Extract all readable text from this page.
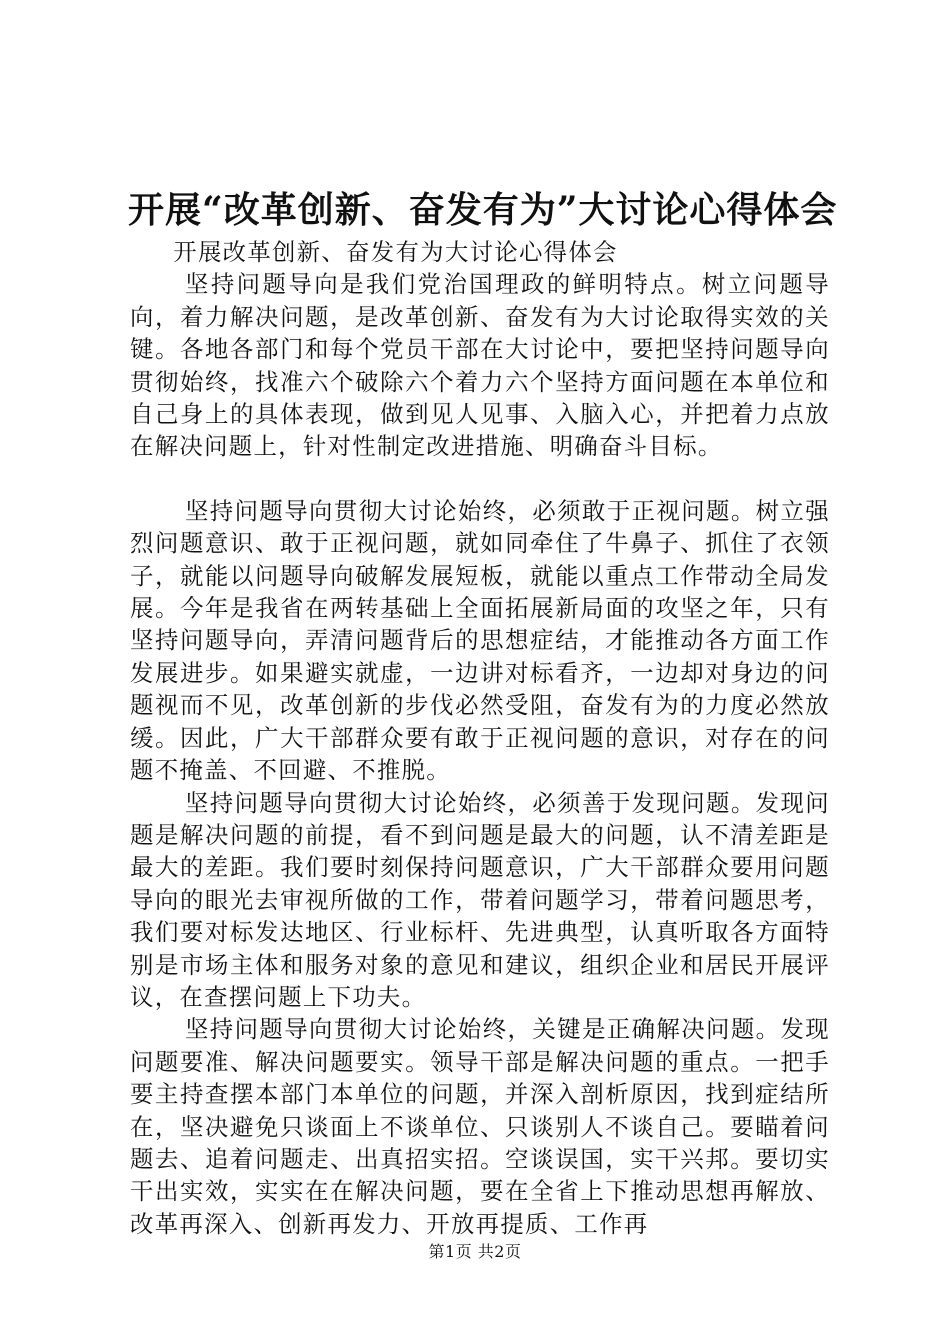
开展“改革创新、奋发有为”大讨论心得体会

开展改革创新、奋发有为大讨论心得体会

坚持问题导向是我们党治国理政的鲜明特点。树立问题导向，着力解决问题，是改革创新、奋发有为大讨论取得实效的关键。各地各部门和每个党员干部在大讨论中，要把坚持问题导向贯彻始终，找准六个破除六个着力六个坚持方面问题在本单位和自己身上的具体表现，做到见人见事、入脑入心，并把着力点放在解决问题上，针对性制定改进措施、明确奋斗目标。

坚持问题导向贯彻大讨论始终，必须敢于正视问题。树立强烈问题意识、敢于正视问题，就如同牵住了牛鼻子、抓住了衣领子，就能以问题导向破解发展短板，就能以重点工作带动全局发展。今年是我省在两转基础上全面拓展新局面的攻坚之年，只有坚持问题导向，弄清问题背后的思想症结，才能推动各方面工作发展进步。如果避实就虚，一边讲对标看齐，一边却对身边的问题视而不见，改革创新的步伐必然受阻，奋发有为的力度必然放缓。因此，广大干部群众要有敢于正视问题的意识，对存在的问题不掩盖、不回避、不推脱。

坚持问题导向贯彻大讨论始终，必须善于发现问题。发现问题是解决问题的前提，看不到问题是最大的问题，认不清差距是最大的差距。我们要时刻保持问题意识，广大干部群众要用问题导向的眼光去审视所做的工作，带着问题学习，带着问题思考，我们要对标发达地区、行业标杆、先进典型，认真听取各方面特别是市场主体和服务对象的意见和建议，组织企业和居民开展评议，在查摆问题上下功夫。

坚持问题导向贯彻大讨论始终，关键是正确解决问题。发现问题要准、解决问题要实。领导干部是解决问题的重点。一把手要主持查摆本部门本单位的问题，并深入剖析原因，找到症结所在，坚决避免只谈面上不谈单位、只谈别人不谈自己。要瞄着问题去、追着问题走、出真招实招。空谈误国，实干兴邦。要切实干出实效，实实在在解决问题，要在全省上下推动思想再解放、改革再深入、创新再发力、开放再提质、工作再

第1页 共2页
